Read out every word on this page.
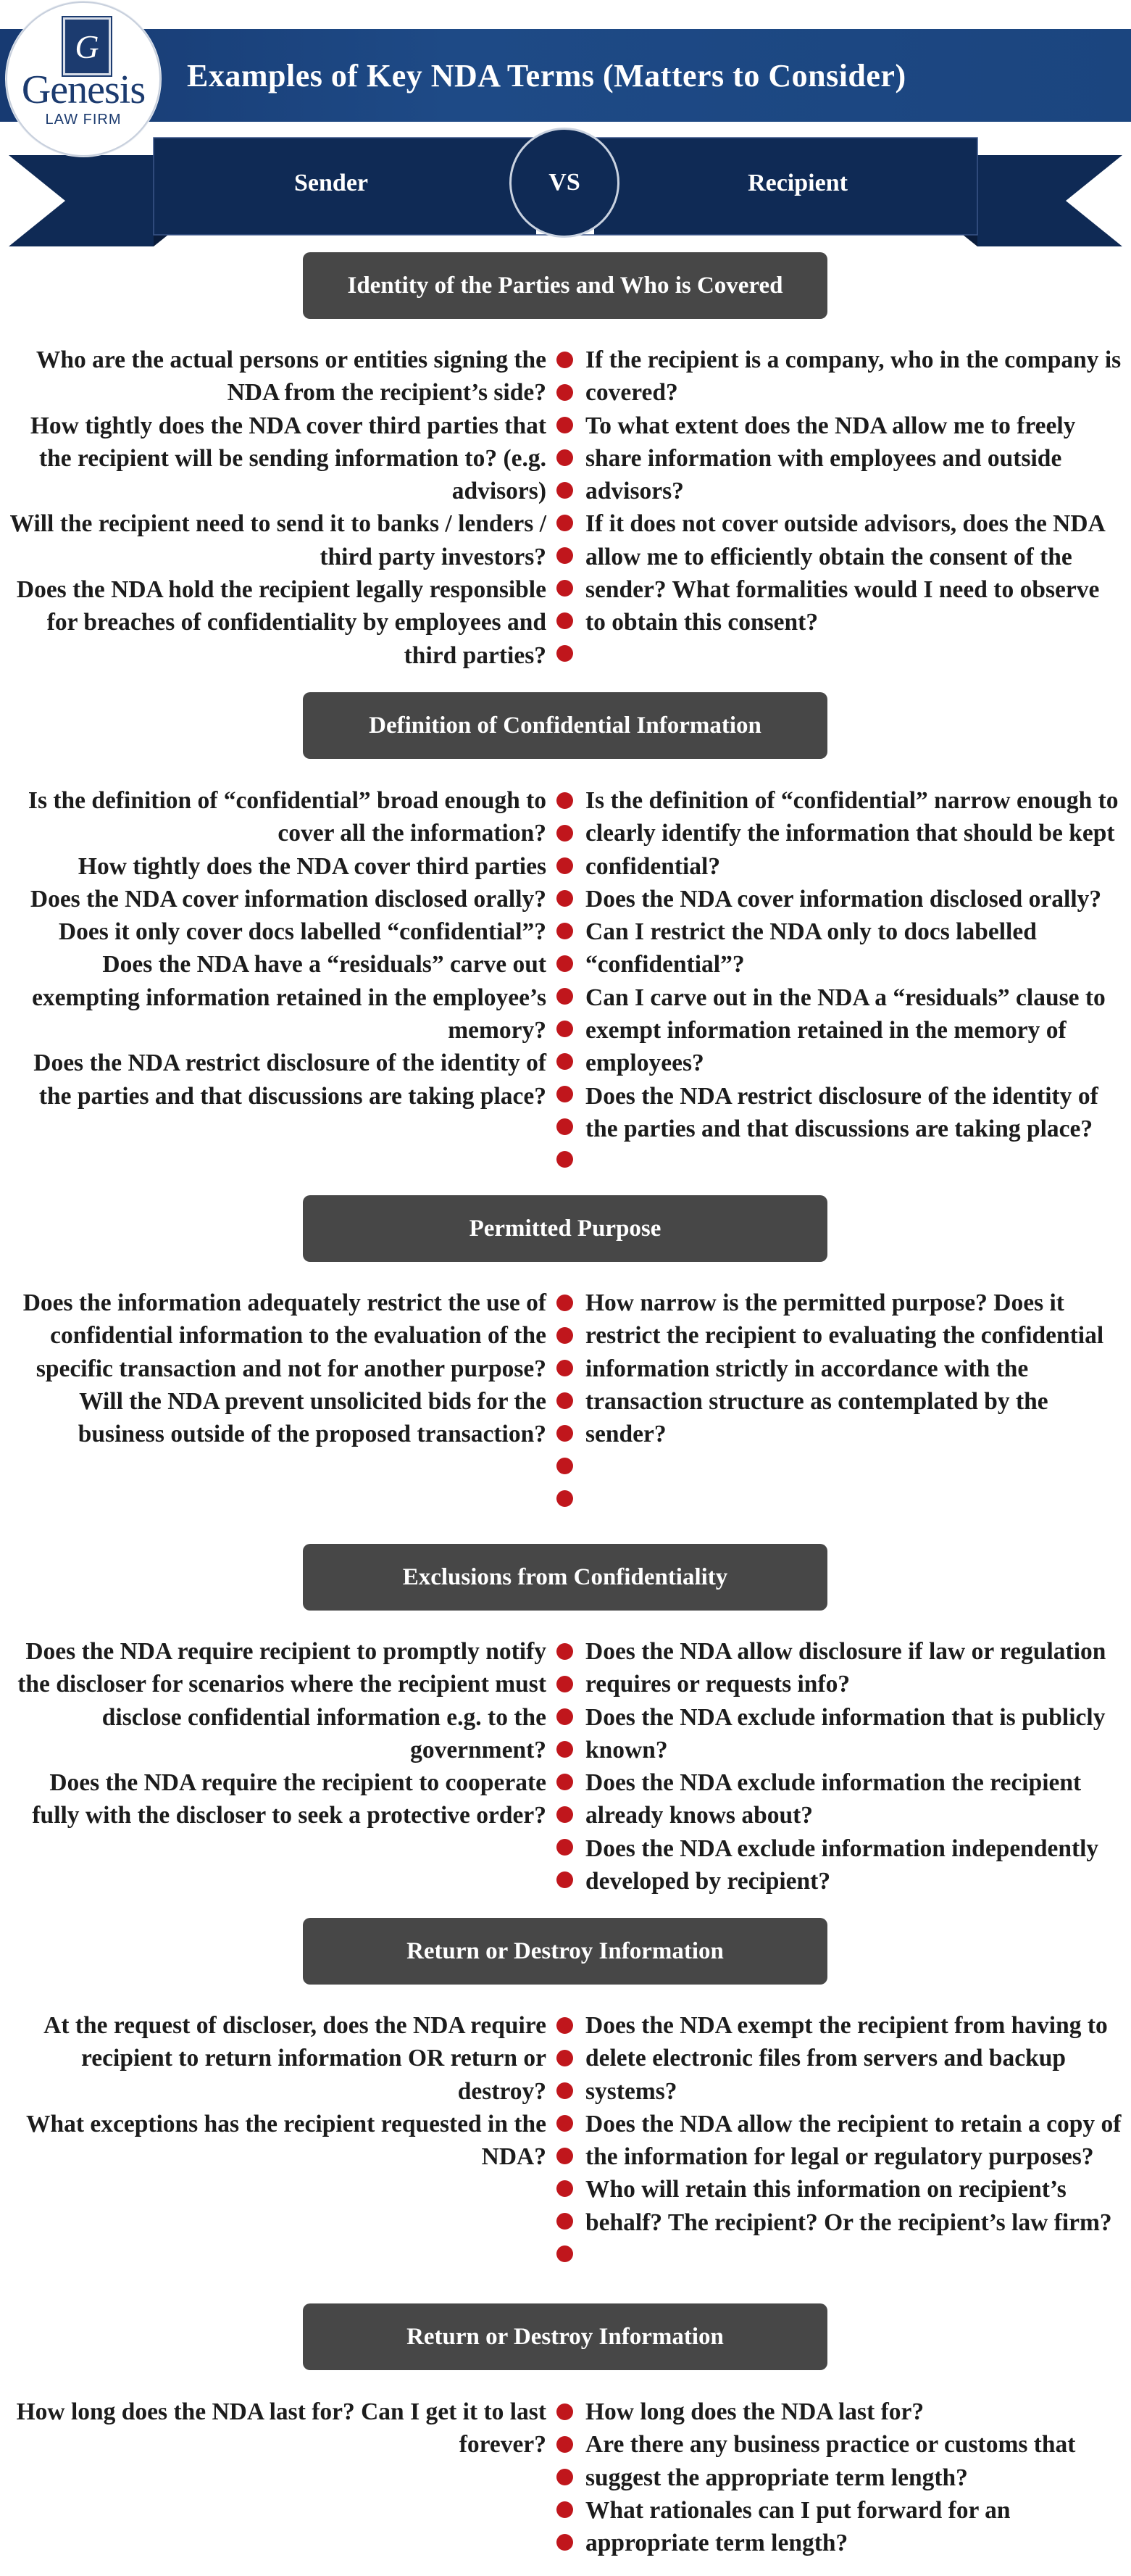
Examples of Key NDA Terms (Matters to Consider)
G
Genesis
LAW FIRM
Sender	VS	Recipient
Identity of the Parties and Who is Covered

Who are the actual persons or entities signing the NDA from the recipient’s side?

How tightly does the NDA cover third parties that the recipient will be sending information to? (e.g. advisors)

Will the recipient need to send it to banks / lenders / third party investors?

Does the NDA hold the recipient legally responsible for breaches of confidentiality by employees and third parties?

If the recipient is a company, who in the company is covered?

To what extent does the NDA allow me to freely share information with employees and outside advisors?

If it does not cover outside advisors, does the NDA allow me to efficiently obtain the consent of the sender? What formalities would I need to observe to obtain this consent?

Definition of Confidential Information

Is the definition of “confidential” broad enough to cover all the information?

How tightly does the NDA cover third parties

Does the NDA cover information disclosed orally? Does it only cover docs labelled “confidential”?

Does the NDA have a “residuals” carve out exempting information retained in the employee’s memory?

Does the NDA restrict disclosure of the identity of the parties and that discussions are taking place?

Is the definition of “confidential” narrow enough to clearly identify the information that should be kept confidential?

Does the NDA cover information disclosed orally? Can I restrict the NDA only to docs labelled “confidential”?

Can I carve out in the NDA a “residuals” clause to exempt information retained in the memory of employees?

Does the NDA restrict disclosure of the identity of the parties and that discussions are taking place?

Permitted Purpose

Does the information adequately restrict the use of confidential information to the evaluation of the specific transaction and not for another purpose?

Will the NDA prevent unsolicited bids for the business outside of the proposed transaction?

How narrow is the permitted purpose? Does it restrict the recipient to evaluating the confidential information strictly in accordance with the transaction structure as contemplated by the sender?

Exclusions from Confidentiality

Does the NDA require recipient to promptly notify the discloser for scenarios where the recipient must disclose confidential information e.g. to the government?

Does the NDA require the recipient to cooperate fully with the discloser to seek a protective order?

Does the NDA allow disclosure if law or regulation requires or requests info?

Does the NDA exclude information that is publicly known?

Does the NDA exclude information the recipient already knows about?

Does the NDA exclude information independently developed by recipient?

Return or Destroy Information

At the request of discloser, does the NDA require recipient to return information OR return or destroy?

What exceptions has the recipient requested in the NDA?

Does the NDA exempt the recipient from having to delete electronic files from servers and backup systems?

Does the NDA allow the recipient to retain a copy of the information for legal or regulatory purposes? Who will retain this information on recipient’s behalf? The recipient? Or the recipient’s law firm?

Return or Destroy Information

How long does the NDA last for? Can I get it to last forever?

How long does the NDA last for?

Are there any business practice or customs that suggest the appropriate term length?

What rationales can I put forward for an appropriate term length?
